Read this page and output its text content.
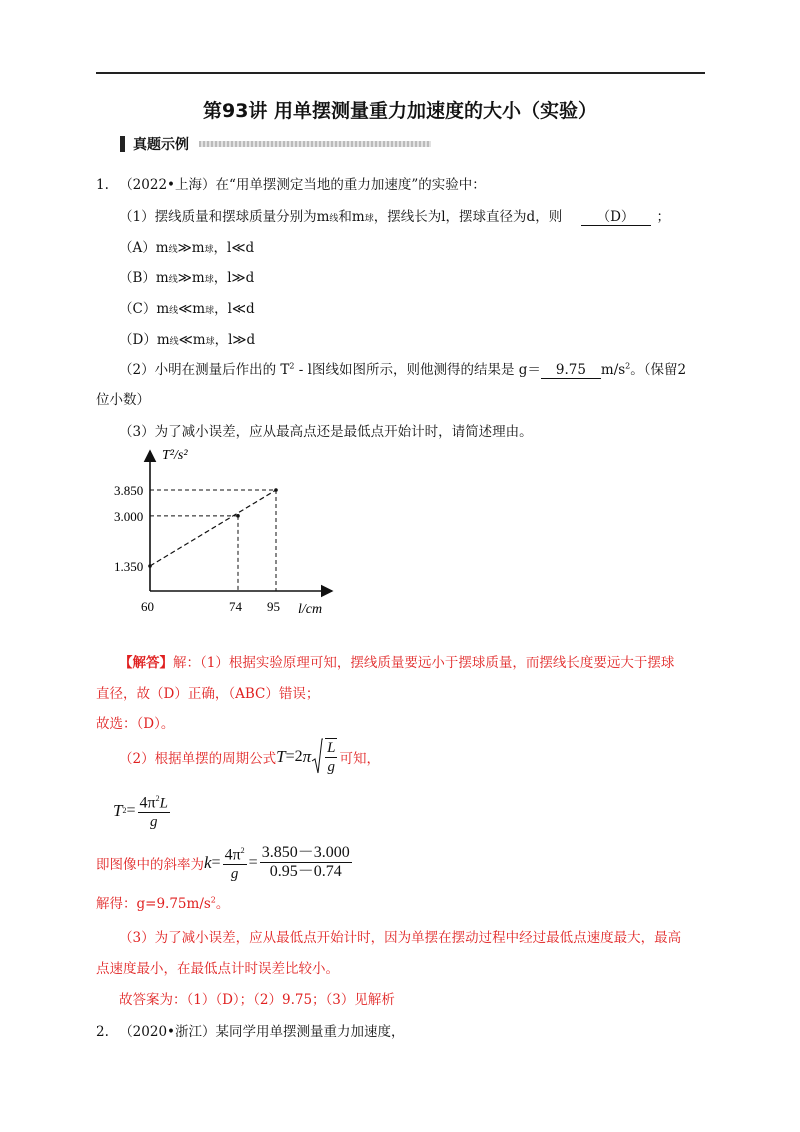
第93讲 用单摆测量重力加速度的大小（实验）
真题示例
1. （2022•上海）在“用单摆测定当地的重力加速度”的实验中：
（1）摆线质量和摆球质量分别为m线和m球，摆线长为l，摆球直径为d，则	（D） ；
（A）m线≫m球，l≪d
（B）m线≫m球，l≫d
（C）m线≪m球，l≪d
（D）m线≪m球，l≫d
（2）小明在测量后作出的 $T^2$ - l图线如图所示，则他测得的结果是 g＝ 9.75 $m/s^2$。（保留2
位小数）
（3）为了减小误差，应从最高点还是最低点开始计时，请简述理由。
T²/s²
l/cm
1.350
3.000
3.850
60	74 95
【解答】解：（1）根据实验原理可知，摆线质量要远小于摆球质量，而摆线长度要远大于摆球
直径，故（D）正确，（ABC）错误；
故选：（D）。
（2）根据单摆的周期公式 T =2 π $\frac{L}{g}$ 可知，
T $2 = \frac{4\pi^2L}{g}$
即图像中的斜率为 $k = \frac{4\pi^2}{g} = \frac{3.850-3.000}{0.95-0.74}$
解得：$g=9.75m/s^2$。
（3）为了减小误差，应从最低点开始计时，因为单摆在摆动过程中经过最低点速度最大，最高
点速度最小，在最低点计时误差比较小。
故答案为：（1）（D）；（2）9.75；（3）见解析
2. （2020•浙江）某同学用单摆测量重力加速度，
